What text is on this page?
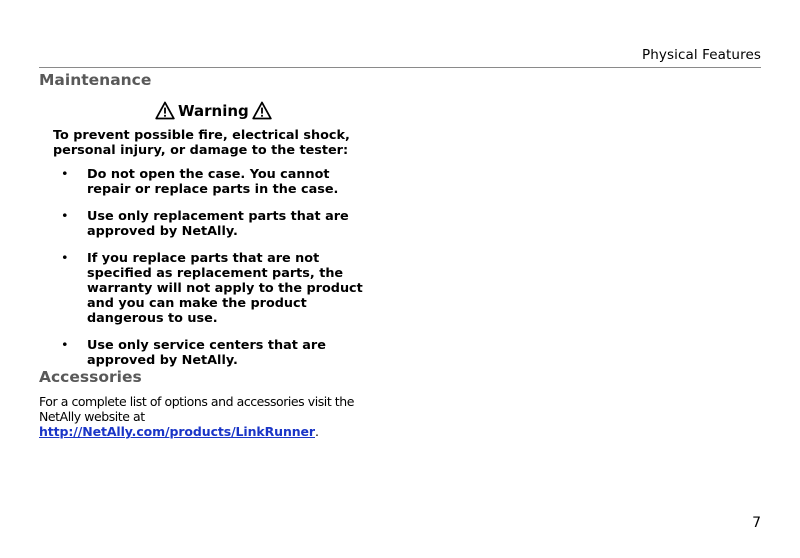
Physical Features
Maintenance
Warning

To prevent possible fire, electrical shock, personal injury, or damage to the tester:

• Do not open the case. You cannot repair or replace parts in the case.
• Use only replacement parts that are approved by NetAlly.
• If you replace parts that are not specified as replacement parts, the warranty will not apply to the product and you can make the product dangerous to use.
• Use only service centers that are approved by NetAlly.
Accessories

For a complete list of options and accessories visit the NetAlly website at http://NetAlly.com/products/LinkRunner.

7
